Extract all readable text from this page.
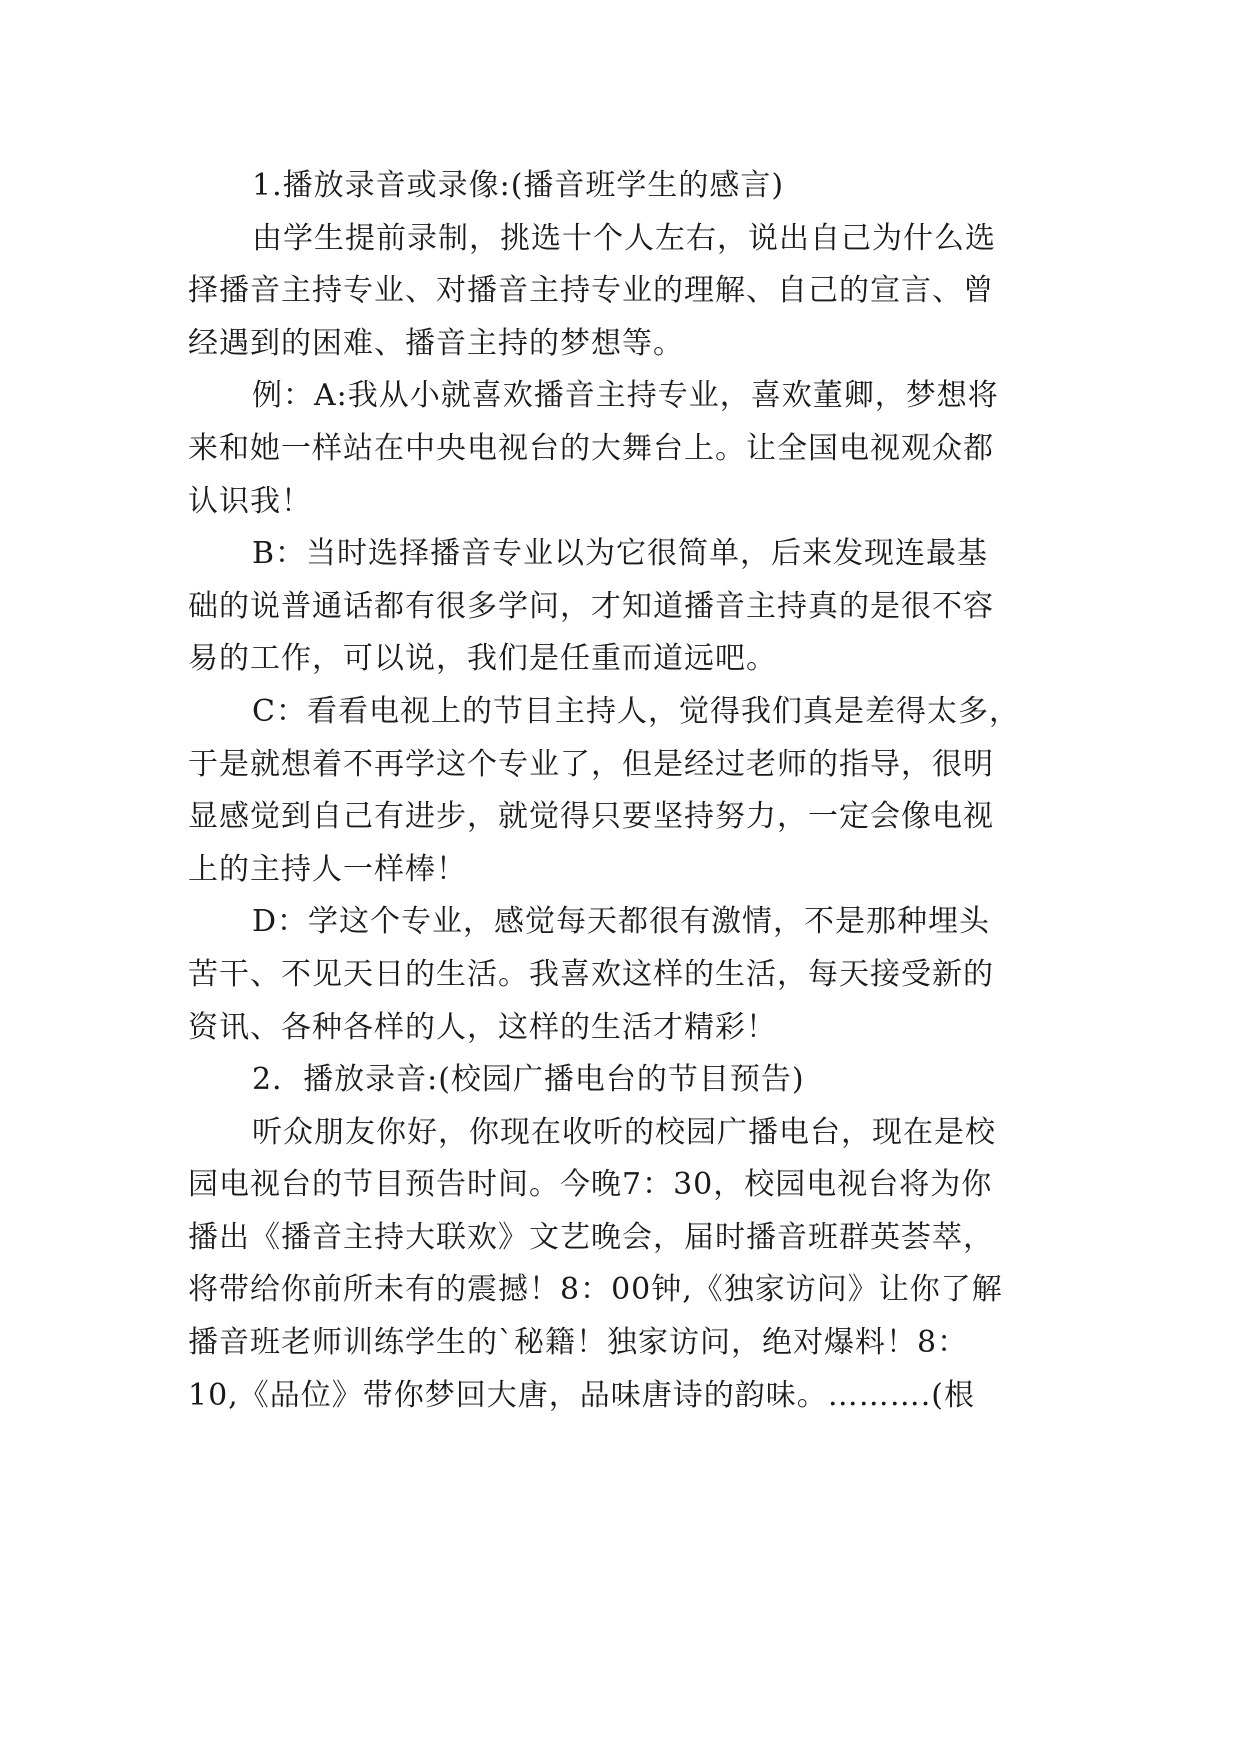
1.播放录音或录像:(播音班学生的感言)
由学生提前录制，挑选十个人左右，说出自己为什么选
择播音主持专业、对播音主持专业的理解、自己的宣言、曾
经遇到的困难、播音主持的梦想等。
例：A:我从小就喜欢播音主持专业，喜欢董卿，梦想将
来和她一样站在中央电视台的大舞台上。让全国电视观众都
认识我！
B：当时选择播音专业以为它很简单，后来发现连最基
础的说普通话都有很多学问，才知道播音主持真的是很不容
易的工作，可以说，我们是任重而道远吧。
C：看看电视上的节目主持人，觉得我们真是差得太多，
于是就想着不再学这个专业了，但是经过老师的指导，很明
显感觉到自己有进步，就觉得只要坚持努力，一定会像电视
上的主持人一样棒！
D：学这个专业，感觉每天都很有激情，不是那种埋头
苦干、不见天日的生活。我喜欢这样的生活，每天接受新的
资讯、各种各样的人，这样的生活才精彩！
2．播放录音:(校园广播电台的节目预告)
听众朋友你好，你现在收听的校园广播电台，现在是校
园电视台的节目预告时间。今晚7：30，校园电视台将为你
播出《播音主持大联欢》文艺晚会，届时播音班群英荟萃，
将带给你前所未有的震撼！8：00钟,《独家访问》让你了解
播音班老师训练学生的`秘籍！独家访问，绝对爆料！8：
10,《品位》带你梦回大唐，品味唐诗的韵味。……….(根
